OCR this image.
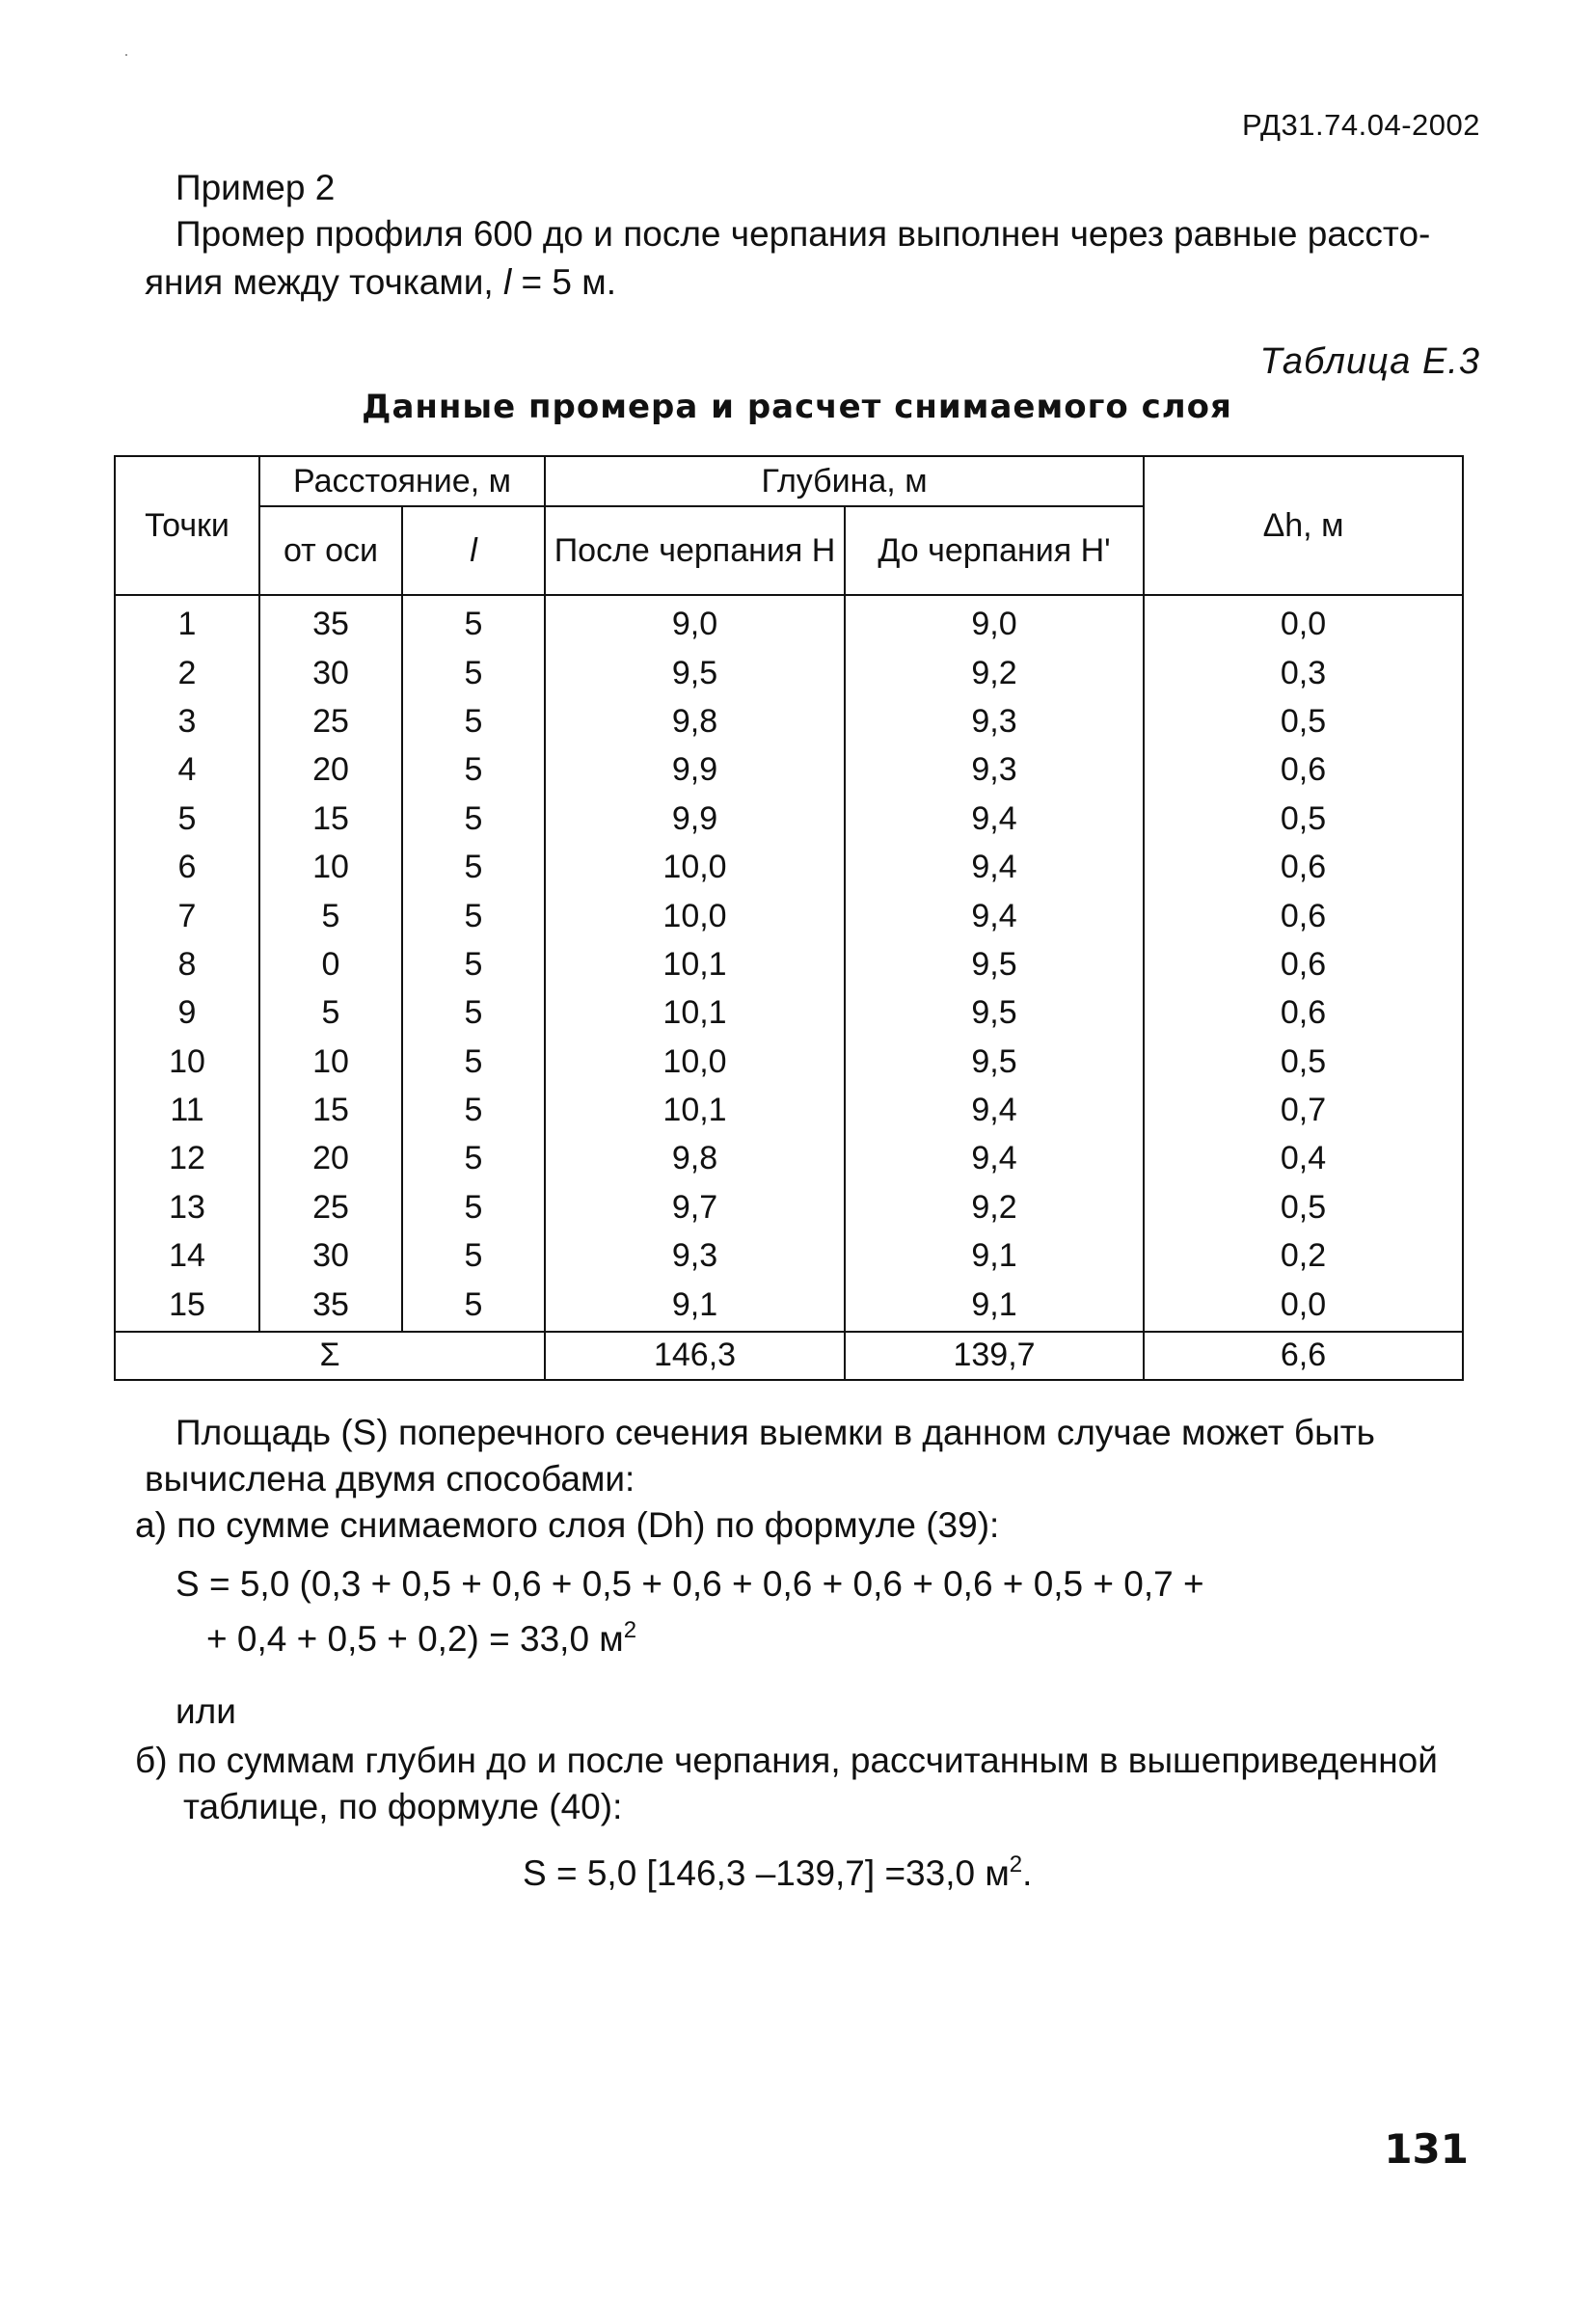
РД31.74.04-2002
Пример 2
Промер профиля 600 до и после черпания выполнен через равные рассто-яния между точками, l = 5 м.
Таблица Е.3
Данные промера и расчет снимаемого слоя
Точки	Расстояние, м		Глубина, м		Δh, м
	от оси	l	После черпания H	До черпания H'	
1	35	5	9,0	9,0	0,0
2	30	5	9,5	9,2	0,3
3	25	5	9,8	9,3	0,5
4	20	5	9,9	9,3	0,6
5	15	5	9,9	9,4	0,5
6	10	5	10,0	9,4	0,6
7	5	5	10,0	9,4	0,6
8	0	5	10,1	9,5	0,6
9	5	5	10,1	9,5	0,6
10	10	5	10,0	9,5	0,5
11	15	5	10,1	9,4	0,7
12	20	5	9,8	9,4	0,4
13	25	5	9,7	9,2	0,5
14	30	5	9,3	9,1	0,2
15	35	5	9,1	9,1	0,0
Σ			146,3	139,7	6,6
Площадь (S) поперечного сечения выемки в данном случае может быть вычислена двумя способами:
а) по сумме снимаемого слоя (Dh) по формуле (39):
S = 5,0 (0,3 + 0,5 + 0,6 + 0,5 + 0,6 + 0,6 + 0,6 + 0,6 + 0,5 + 0,7 +
+ 0,4 + 0,5 + 0,2) = 33,0 $м^2$
или
б) по суммам глубин до и после черпания, рассчитанным в вышеприведенной
таблице, по формуле (40):
S = 5,0 [146,3 –139,7] =33,0 $м^2$.
131
